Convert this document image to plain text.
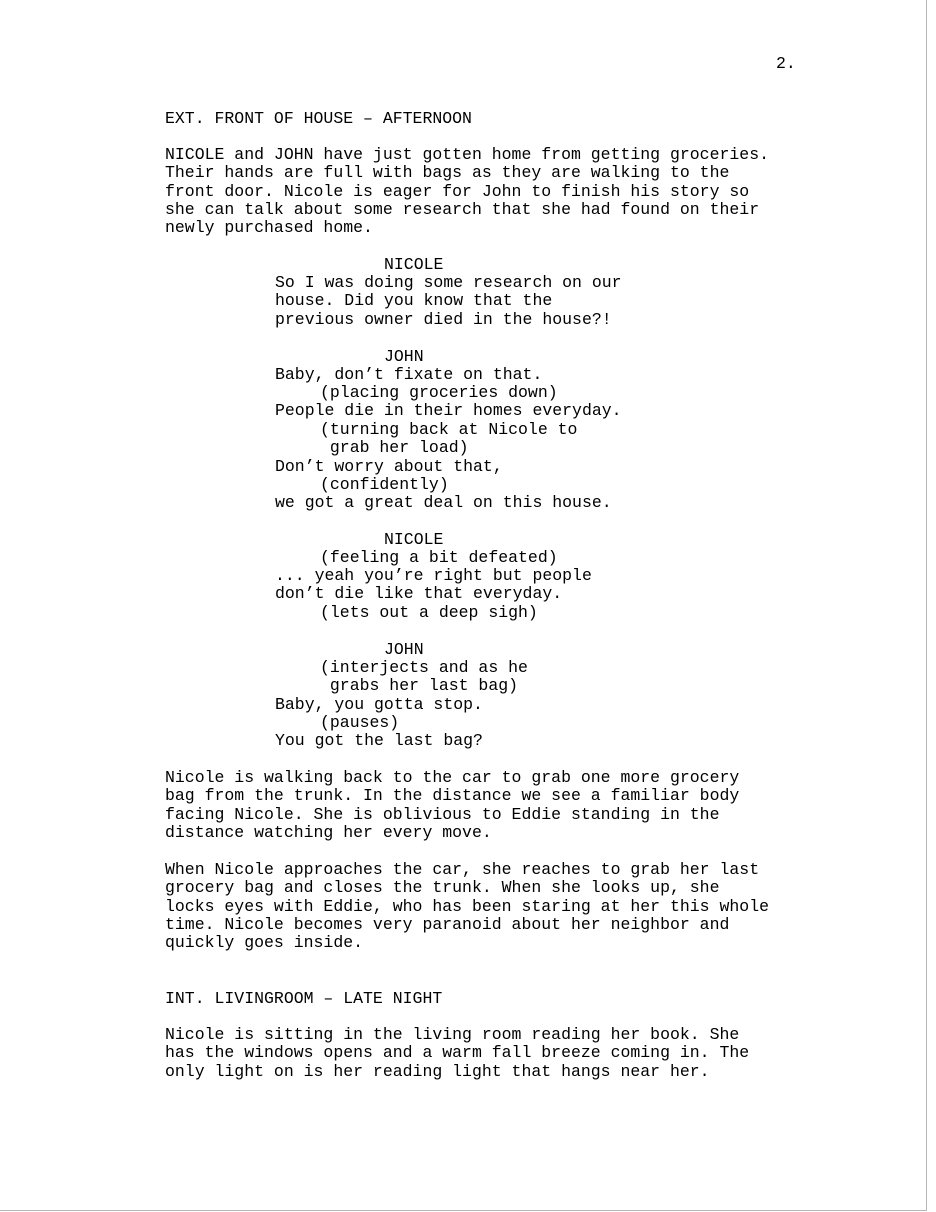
2.
EXT. FRONT OF HOUSE – AFTERNOON
NICOLE and JOHN have just gotten home from getting groceries.
Their hands are full with bags as they are walking to the
front door. Nicole is eager for John to finish his story so
she can talk about some research that she had found on their
newly purchased home.
NICOLE
So I was doing some research on our
house. Did you know that the
previous owner died in the house?!
JOHN
Baby, don’t fixate on that.
(placing groceries down)
People die in their homes everyday.
(turning back at Nicole to
grab her load)
Don’t worry about that,
(confidently)
we got a great deal on this house.
NICOLE
(feeling a bit defeated)
... yeah you’re right but people
don’t die like that everyday.
(lets out a deep sigh)
JOHN
(interjects and as he
grabs her last bag)
Baby, you gotta stop.
(pauses)
You got the last bag?
Nicole is walking back to the car to grab one more grocery
bag from the trunk. In the distance we see a familiar body
facing Nicole. She is oblivious to Eddie standing in the
distance watching her every move.
When Nicole approaches the car, she reaches to grab her last
grocery bag and closes the trunk. When she looks up, she
locks eyes with Eddie, who has been staring at her this whole
time. Nicole becomes very paranoid about her neighbor and
quickly goes inside.
INT. LIVINGROOM – LATE NIGHT
Nicole is sitting in the living room reading her book. She
has the windows opens and a warm fall breeze coming in. The
only light on is her reading light that hangs near her.
